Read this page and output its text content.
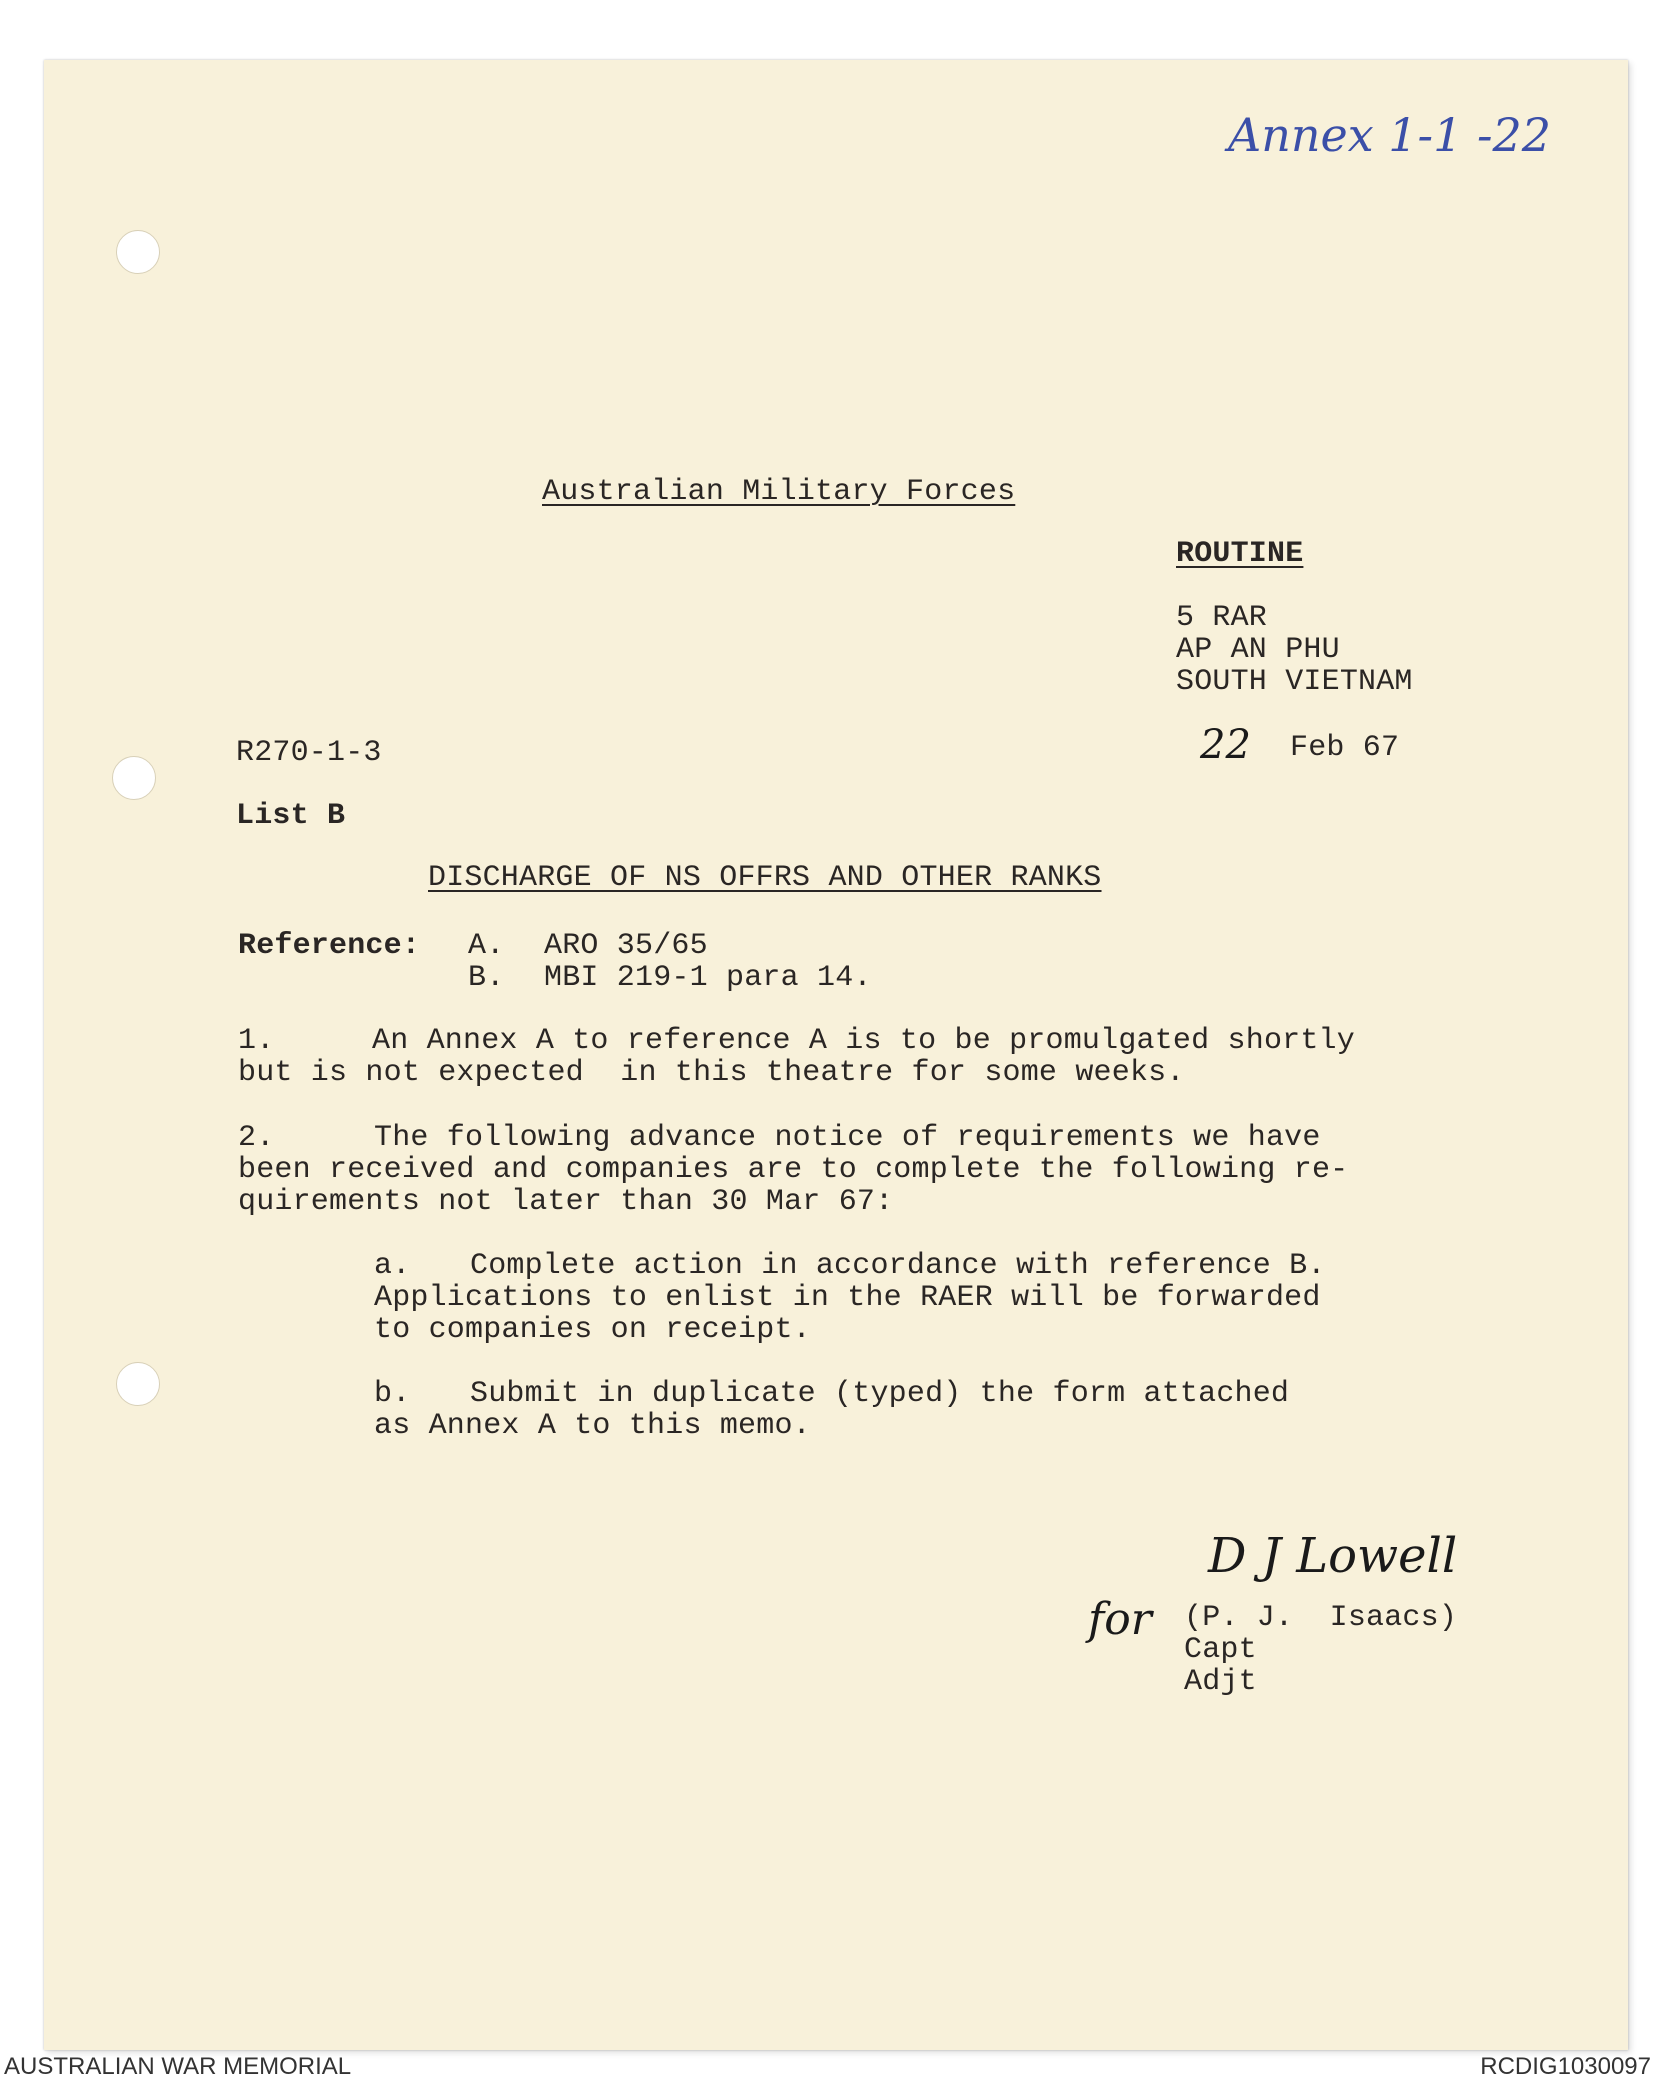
Annex 1-1 -22
Australian Military Forces
ROUTINE
5 RAR
AP AN PHU
SOUTH VIETNAM
22 Feb 67
R270-1-3
List B
DISCHARGE OF NS OFFRS AND OTHER RANKS
Reference: A. ARO 35/65
B. MBI 219-1 para 14.
1.	An Annex A to reference A is to be promulgated shortly
but is not expected  in this theatre for some weeks.
2.	The following advance notice of requirements we have
been received and companies are to complete the following re-
quirements not later than 30 Mar 67:
a. Complete action in accordance with reference B.
Applications to enlist in the RAER will be forwarded
to companies on receipt.
b. Submit in duplicate (typed) the form attached
as Annex A to this memo.
D J Lowell
for (P. J.  Isaacs)
Capt
Adjt
AUSTRALIAN WAR MEMORIAL	RCDIG1030097
